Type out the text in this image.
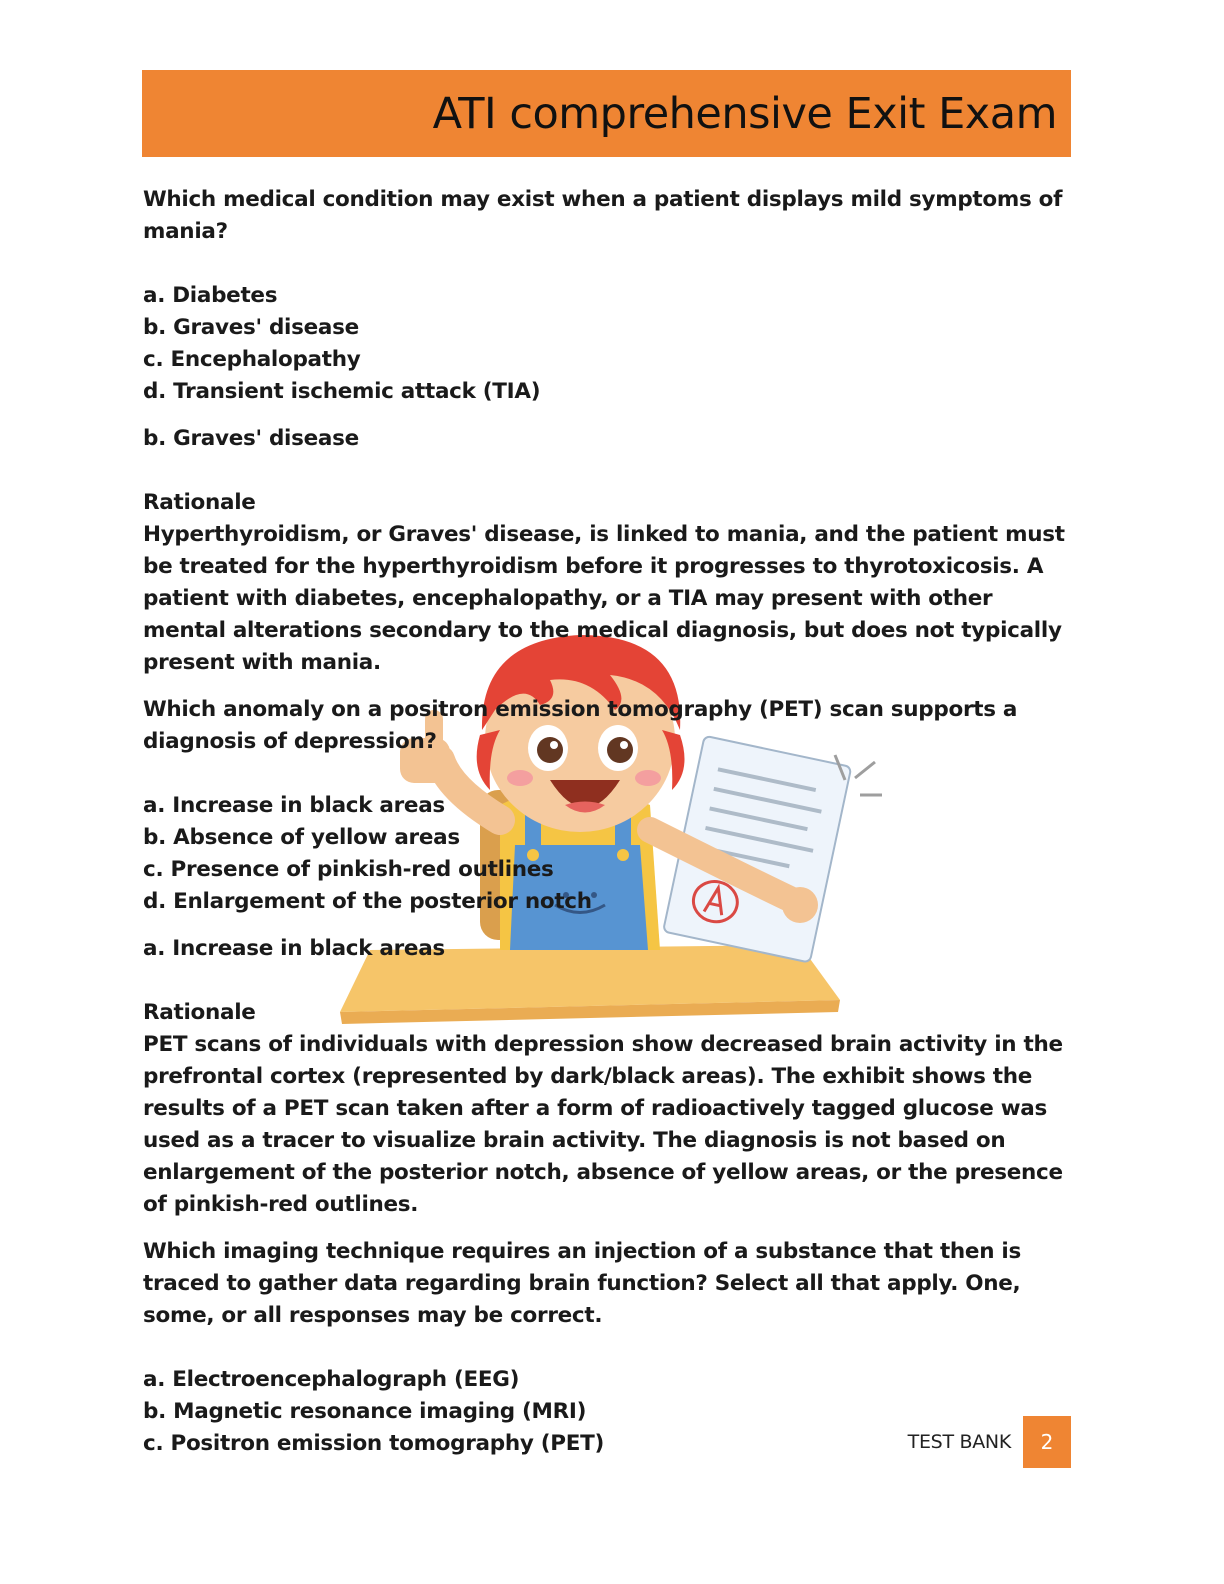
ATI comprehensive Exit Exam

Which medical condition may exist when a patient displays mild symptoms of mania?

a. Diabetes

b. Graves' disease

c. Encephalopathy

d. Transient ischemic attack (TIA)

b. Graves' disease

Rationale

Hyperthyroidism, or Graves' disease, is linked to mania, and the patient must be treated for the hyperthyroidism before it progresses to thyrotoxicosis. A patient with diabetes, encephalopathy, or a TIA may present with other mental alterations secondary to the medical diagnosis, but does not typically present with mania.

Which anomaly on a positron emission tomography (PET) scan supports a diagnosis of depression?

a. Increase in black areas

b. Absence of yellow areas

c. Presence of pinkish-red outlines

d. Enlargement of the posterior notch

a. Increase in black areas

Rationale

PET scans of individuals with depression show decreased brain activity in the prefrontal cortex (represented by dark/black areas). The exhibit shows the results of a PET scan taken after a form of radioactively tagged glucose was used as a tracer to visualize brain activity. The diagnosis is not based on enlargement of the posterior notch, absence of yellow areas, or the presence of pinkish-red outlines.

Which imaging technique requires an injection of a substance that then is traced to gather data regarding brain function? Select all that apply. One, some, or all responses may be correct.

a. Electroencephalograph (EEG)

b. Magnetic resonance imaging (MRI)

c. Positron emission tomography (PET)	TEST BANK 2
